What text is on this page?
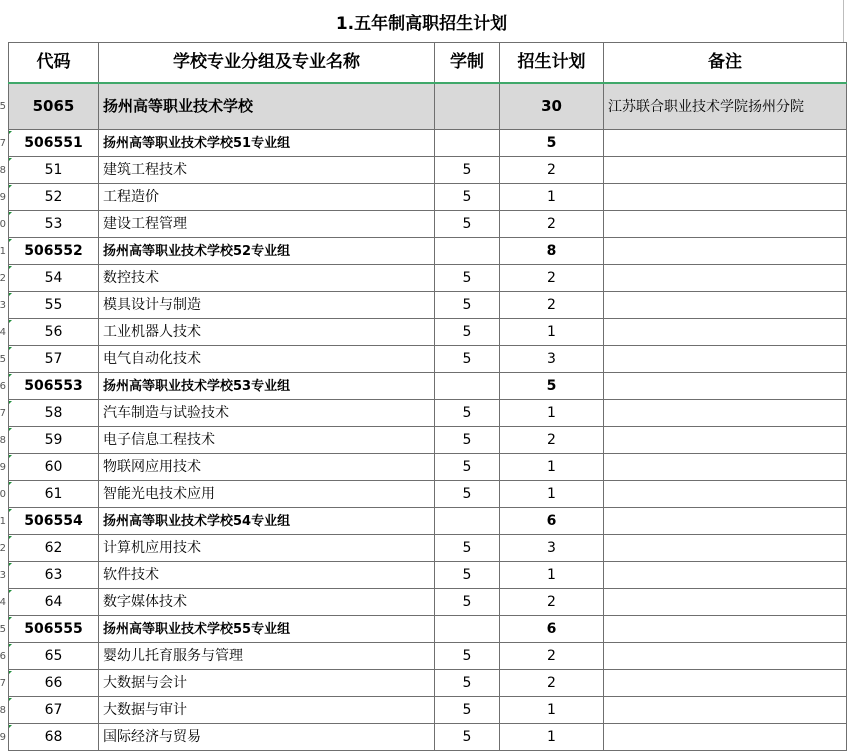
1.五年制高职招生计划
5
7
8
9
0
1
2
3
4
5
6
7
8
9
0
1
2
3
4
5
6
7
8
9
代码	学校专业分组及专业名称	学制	招生计划	备注
5065	扬州高等职业技术学校		30	江苏联合职业技术学院扬州分院
506551	扬州高等职业技术学校51专业组		5	
51	建筑工程技术	5	2	
52	工程造价	5	1	
53	建设工程管理	5	2	
506552	扬州高等职业技术学校52专业组		8	
54	数控技术	5	2	
55	模具设计与制造	5	2	
56	工业机器人技术	5	1	
57	电气自动化技术	5	3	
506553	扬州高等职业技术学校53专业组		5	
58	汽车制造与试验技术	5	1	
59	电子信息工程技术	5	2	
60	物联网应用技术	5	1	
61	智能光电技术应用	5	1	
506554	扬州高等职业技术学校54专业组		6	
62	计算机应用技术	5	3	
63	软件技术	5	1	
64	数字媒体技术	5	2	
506555	扬州高等职业技术学校55专业组		6	
65	婴幼儿托育服务与管理	5	2	
66	大数据与会计	5	2	
67	大数据与审计	5	1	
68	国际经济与贸易	5	1	
